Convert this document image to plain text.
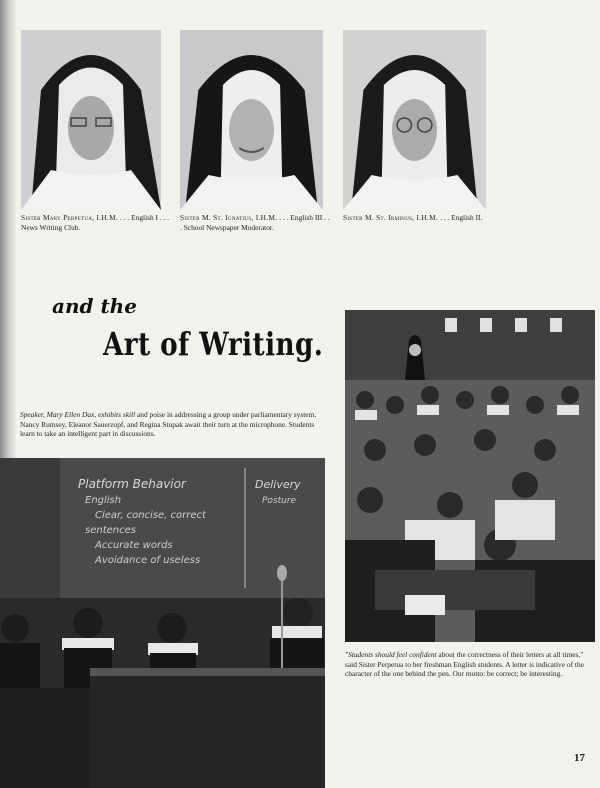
Sister Mary Perpetua, I.H.M. . . . English I . . . News Writing Club.
Sister M. St. Ignatius, I.H.M. . . . English III . . . School Newspaper Moderator.
Sister M. St. Irminus, I.H.M. . . . English II.
and the
Art of Writing.
Speaker, Mary Ellen Dax, exhibits skill and poise in addressing a group under parliamentary system. Nancy Rumsey, Eleanor Sauerzopf, and Regina Stupak await their turn at the microphone. Students learn to take an intelligent part in discussions.
Platform Behavior
English
Clear, concise, correct
sentences
Accurate words
Avoidance of useless
Delivery
Posture
"Students should feel confident about the correctness of their letters at all times," said Sister Perpetua to her freshman English students. A letter is indicative of the character of the one behind the pen. Our motto: be correct; be interesting.
17
